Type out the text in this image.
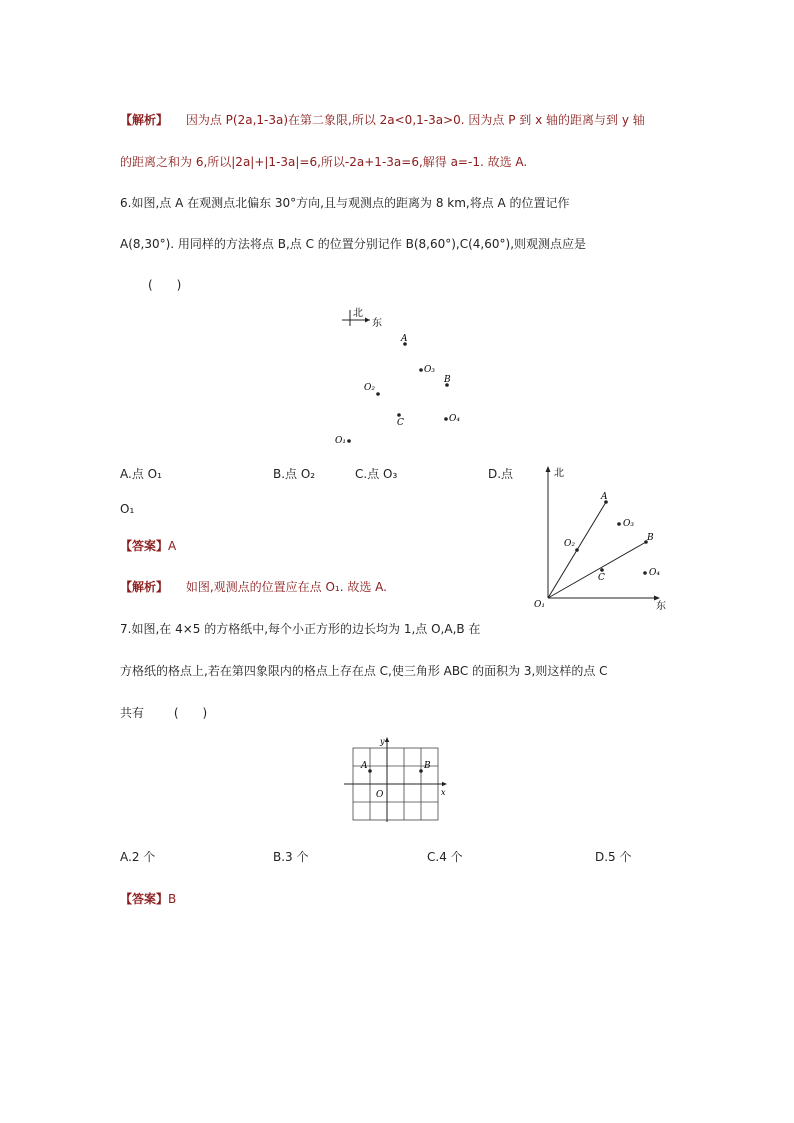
【解析】 因为点 P(2a,1-3a)在第二象限,所以 2a<0,1-3a>0. 因为点 P 到 x 轴的距离与到 y 轴
的距离之和为 6,所以|2a|+|1-3a|=6,所以-2a+1-3a=6,解得 a=-1. 故选 A.
6.如图,点 A 在观测点北偏东 30°方向,且与观测点的距离为 8 km,将点 A 的位置记作
A(8,30°). 用同样的方法将点 B,点 C 的位置分别记作 B(8,60°),C(4,60°),则观测点应是
(　　)
北
东
A
O₃
B
O₂
C	O₄
O₁
A.点 O₁	B.点 O₂	C.点 O₃	D.点
O₁
【答案】A
【解析】 如图,观测点的位置应在点 O₁. 故选 A.
北
东
A
O₃
B
O₂
C	O₄
O₁
7.如图,在 4×5 的方格纸中,每个小正方形的边长均为 1,点 O,A,B 在
方格纸的格点上,若在第四象限内的格点上存在点 C,使三角形 ABC 的面积为 3,则这样的点 C
共有 (　　)
y
x
A	B
O
A.2 个	B.3 个	C.4 个	D.5 个
【答案】B
